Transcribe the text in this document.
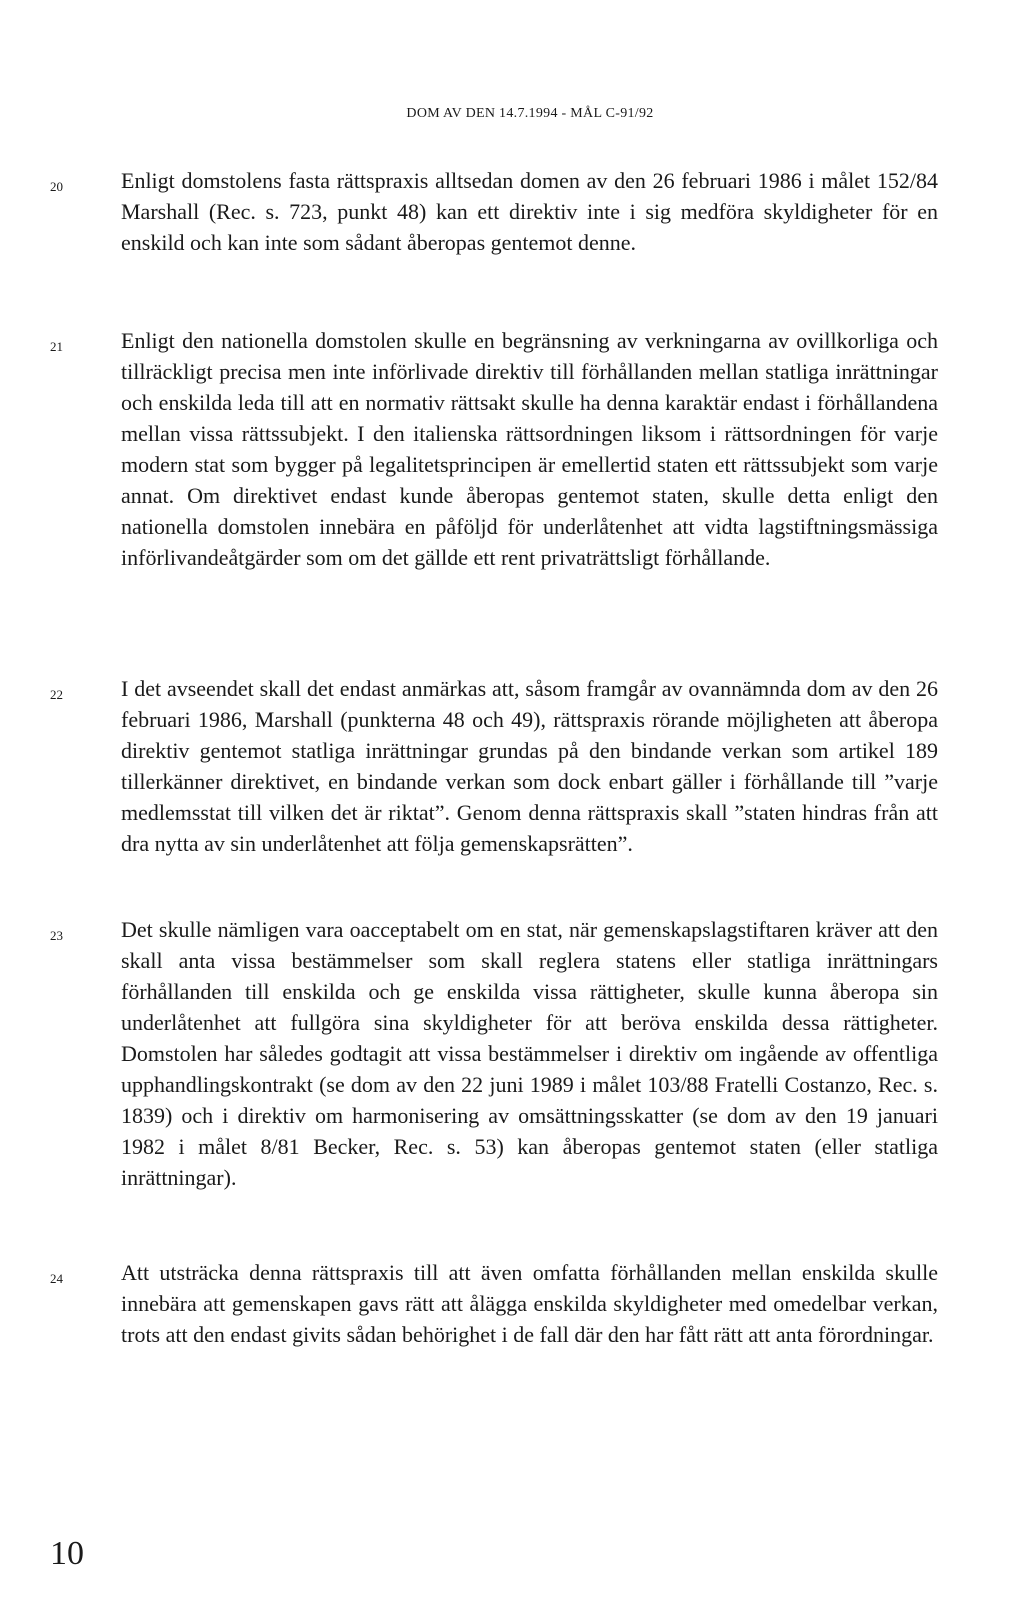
DOM AV DEN 14.7.1994 - MÅL C-91/92
20	Enligt domstolens fasta rättspraxis alltsedan domen av den 26 februari 1986 i målet 152/84 Marshall (Rec. s. 723, punkt 48) kan ett direktiv inte i sig medföra skyldigheter för en enskild och kan inte som sådant åberopas gentemot denne.

21	Enligt den nationella domstolen skulle en begränsning av verkningarna av ovillkorliga och tillräckligt precisa men inte införlivade direktiv till förhållanden mellan statliga inrättningar och enskilda leda till att en normativ rättsakt skulle ha denna karaktär endast i förhållandena mellan vissa rättssubjekt. I den italienska rättsordningen liksom i rättsordningen för varje modern stat som bygger på legalitetsprincipen är emellertid staten ett rättssubjekt som varje annat. Om direktivet endast kunde åberopas gentemot staten, skulle detta enligt den nationella domstolen innebära en påföljd för underlåtenhet att vidta lagstiftningsmässiga införlivandeåtgärder som om det gällde ett rent privaträttsligt förhållande.

22	I det avseendet skall det endast anmärkas att, såsom framgår av ovannämnda dom av den 26 februari 1986, Marshall (punkterna 48 och 49), rättspraxis rörande möjligheten att åberopa direktiv gentemot statliga inrättningar grundas på den bindande verkan som artikel 189 tillerkänner direktivet, en bindande verkan som dock enbart gäller i förhållande till ”varje medlemsstat till vilken det är riktat”. Genom denna rättspraxis skall ”staten hindras från att dra nytta av sin underlåtenhet att följa gemenskapsrätten”.

23	Det skulle nämligen vara oacceptabelt om en stat, när gemenskapslagstiftaren kräver att den skall anta vissa bestämmelser som skall reglera statens eller statliga inrättningars förhållanden till enskilda och ge enskilda vissa rättigheter, skulle kunna åberopa sin underlåtenhet att fullgöra sina skyldigheter för att beröva enskilda dessa rättigheter. Domstolen har således godtagit att vissa bestämmelser i direktiv om ingående av offentliga upphandlingskontrakt (se dom av den 22 juni 1989 i målet 103/88 Fratelli Costanzo, Rec. s. 1839) och i direktiv om harmonisering av omsättningsskatter (se dom av den 19 januari 1982 i målet 8/81 Becker, Rec. s. 53) kan åberopas gentemot staten (eller statliga inrättningar).

24	Att utsträcka denna rättspraxis till att även omfatta förhållanden mellan enskilda skulle innebära att gemenskapen gavs rätt att ålägga enskilda skyldigheter med omedelbar verkan, trots att den endast givits sådan behörighet i de fall där den har fått rätt att anta förordningar.

10
